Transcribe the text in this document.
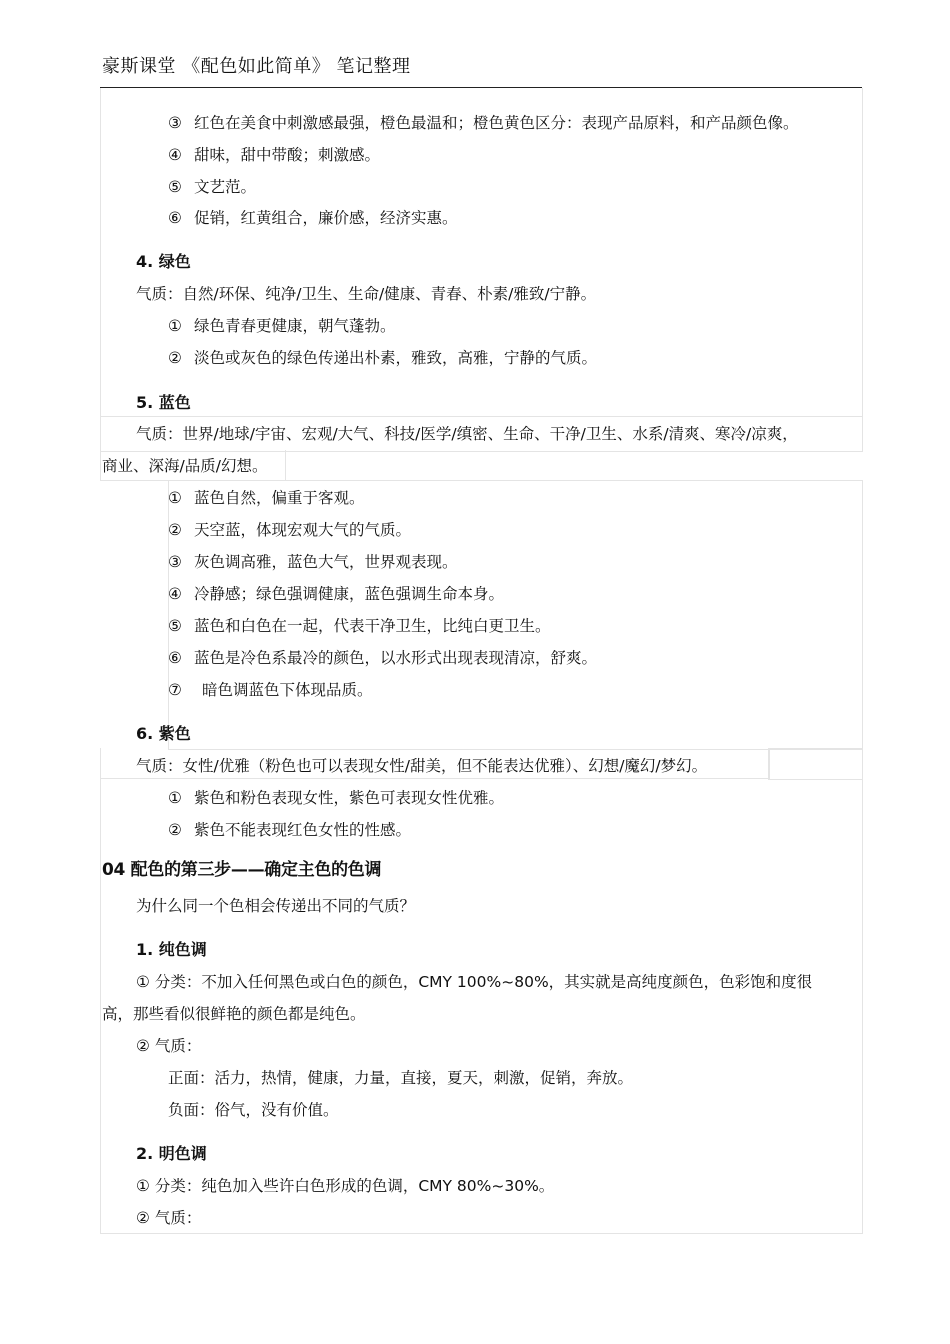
豪斯课堂 《配色如此简单》 笔记整理
③ 红色在美食中刺激感最强，橙色最温和；橙色黄色区分：表现产品原料，和产品颜色像。
④ 甜味，甜中带酸；刺激感。
⑤ 文艺范。
⑥ 促销，红黄组合，廉价感，经济实惠。
4. 绿色
气质：自然/环保、纯净/卫生、生命/健康、青春、朴素/雅致/宁静。
① 绿色青春更健康，朝气蓬勃。
② 淡色或灰色的绿色传递出朴素，雅致，高雅，宁静的气质。
5. 蓝色
气质：世界/地球/宇宙、宏观/大气、科技/医学/缜密、生命、干净/卫生、水系/清爽、寒冷/凉爽，
商业、深海/品质/幻想。
① 蓝色自然，偏重于客观。
② 天空蓝，体现宏观大气的气质。
③ 灰色调高雅，蓝色大气，世界观表现。
④ 冷静感；绿色强调健康，蓝色强调生命本身。
⑤ 蓝色和白色在一起，代表干净卫生，比纯白更卫生。
⑥ 蓝色是冷色系最冷的颜色，以水形式出现表现清凉，舒爽。
⑦ 暗色调蓝色下体现品质。
6. 紫色
气质：女性/优雅（粉色也可以表现女性/甜美，但不能表达优雅）、幻想/魔幻/梦幻。
① 紫色和粉色表现女性，紫色可表现女性优雅。
② 紫色不能表现红色女性的性感。
04 配色的第三步——确定主色的色调
为什么同一个色相会传递出不同的气质？
1. 纯色调
① 分类：不加入任何黑色或白色的颜色，CMY 100%~80%，其实就是高纯度颜色，色彩饱和度很
高，那些看似很鲜艳的颜色都是纯色。
② 气质：
正面：活力，热情，健康，力量，直接，夏天，刺激，促销，奔放。
负面：俗气，没有价值。
2. 明色调
① 分类：纯色加入些许白色形成的色调，CMY 80%~30%。
② 气质：
